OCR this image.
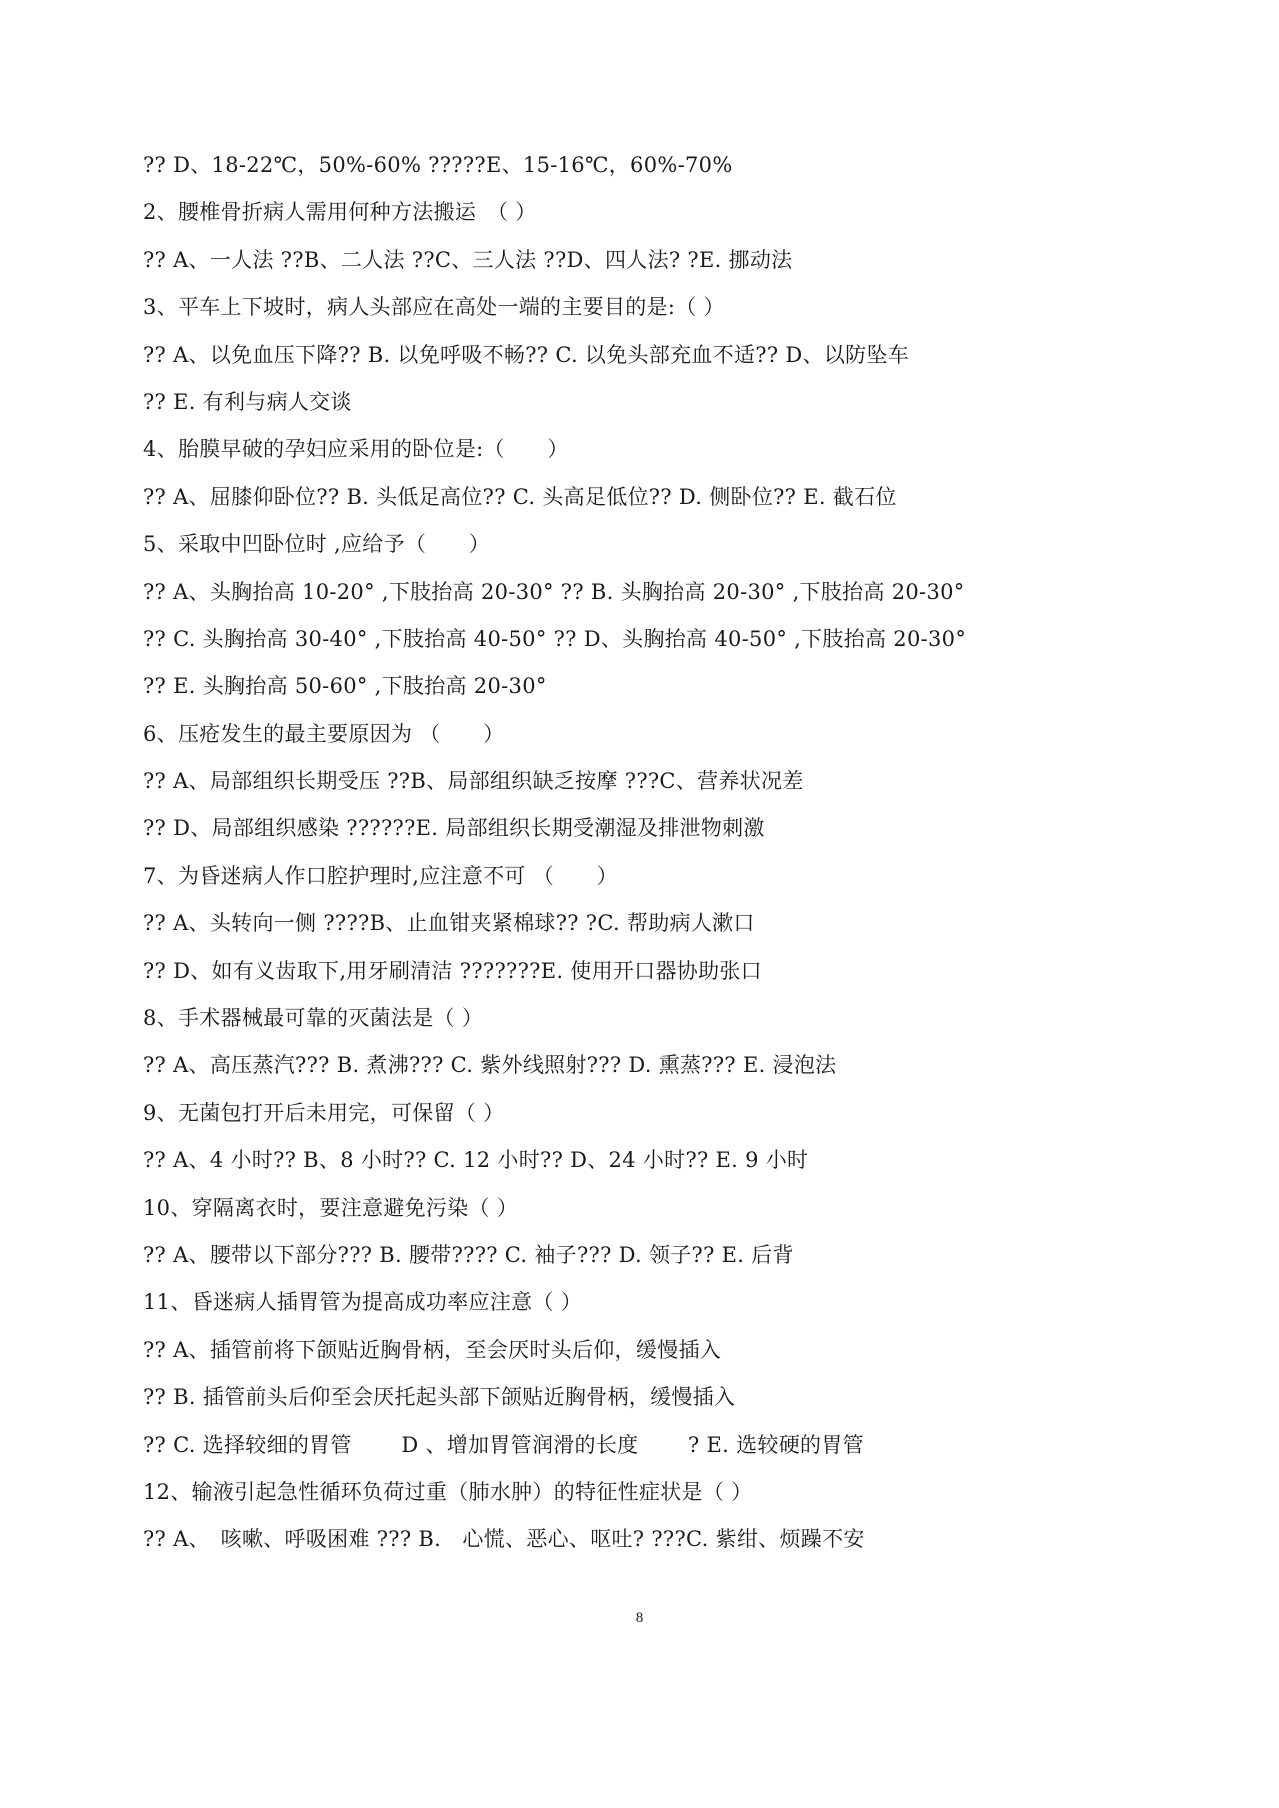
?? D、18-22℃，50%-60% ?????E、15-16℃，60%-70%
2、腰椎骨折病人需用何种方法搬运　（ ）
?? A、一人法 ??B、二人法 ??C、三人法 ??D、四人法? ?E. 挪动法
3、平车上下坡时，病人头部应在高处一端的主要目的是:（ ）
?? A、以免血压下降?? B. 以免呼吸不畅?? C. 以免头部充血不适?? D、以防坠车
?? E. 有利与病人交谈
4、胎膜早破的孕妇应采用的卧位是:（　　）
?? A、屈膝仰卧位?? B. 头低足高位?? C. 头高足低位?? D. 侧卧位?? E. 截石位
5、采取中凹卧位时 ,应给予（　　）
?? A、头胸抬高 10-20° ,下肢抬高 20-30° ?? B. 头胸抬高 20-30° ,下肢抬高 20-30°
?? C. 头胸抬高 30-40° ,下肢抬高 40-50° ?? D、头胸抬高 40-50° ,下肢抬高 20-30°
?? E. 头胸抬高 50-60° ,下肢抬高 20-30°
6、压疮发生的最主要原因为 （　　）
?? A、局部组织长期受压 ??B、局部组织缺乏按摩 ???C、营养状况差
?? D、局部组织感染 ??????E. 局部组织长期受潮湿及排泄物刺激
7、为昏迷病人作口腔护理时,应注意不可 （　　）
?? A、头转向一侧 ????B、止血钳夹紧棉球?? ?C. 帮助病人漱口
?? D、如有义齿取下,用牙刷清洁 ???????E. 使用开口器协助张口
8、手术器械最可靠的灭菌法是（ ）
?? A、高压蒸汽??? B. 煮沸??? C. 紫外线照射??? D. 熏蒸??? E. 浸泡法
9、无菌包打开后未用完，可保留（ ）
?? A、4 小时?? B、8 小时?? C. 12 小时?? D、24 小时?? E. 9 小时
10、穿隔离衣时，要注意避免污染（ ）
?? A、腰带以下部分??? B. 腰带???? C. 袖子??? D. 领子?? E. 后背
11、昏迷病人插胃管为提高成功率应注意（ ）
?? A、插管前将下颌贴近胸骨柄，至会厌时头后仰，缓慢插入
?? B. 插管前头后仰至会厌托起头部下颌贴近胸骨柄，缓慢插入
?? C. 选择较细的胃管　　 D 、增加胃管润滑的长度　　 ? E. 选较硬的胃管
12、输液引起急性循环负荷过重（肺水肿）的特征性症状是（ ）
?? A、　咳嗽、呼吸困难 ??? B.　心慌、恶心、呕吐? ???C. 紫绀、烦躁不安
8
